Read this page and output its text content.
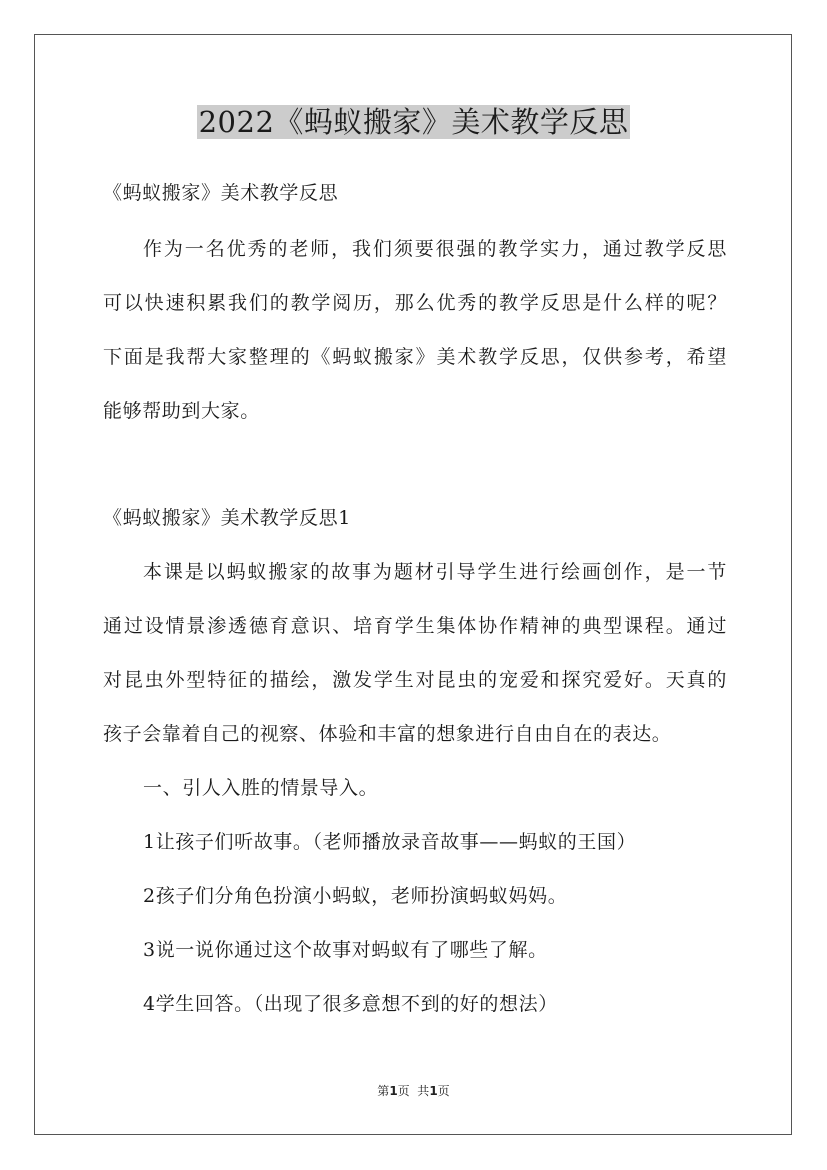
2022《蚂蚁搬家》美术教学反思
《蚂蚁搬家》美术教学反思
作为一名优秀的老师，我们须要很强的教学实力，通过教学反思
可以快速积累我们的教学阅历，那么优秀的教学反思是什么样的呢？
下面是我帮大家整理的《蚂蚁搬家》美术教学反思，仅供参考，希望
能够帮助到大家。
《蚂蚁搬家》美术教学反思1
本课是以蚂蚁搬家的故事为题材引导学生进行绘画创作，是一节
通过设情景渗透德育意识、培育学生集体协作精神的典型课程。通过
对昆虫外型特征的描绘，激发学生对昆虫的宠爱和探究爱好。天真的
孩子会靠着自己的视察、体验和丰富的想象进行自由自在的表达。
一、引人入胜的情景导入。
1让孩子们听故事。（老师播放录音故事——蚂蚁的王国）
2孩子们分角色扮演小蚂蚁，老师扮演蚂蚁妈妈。
3说一说你通过这个故事对蚂蚁有了哪些了解。
4学生回答。（出现了很多意想不到的好的想法）
第1页  共1页
